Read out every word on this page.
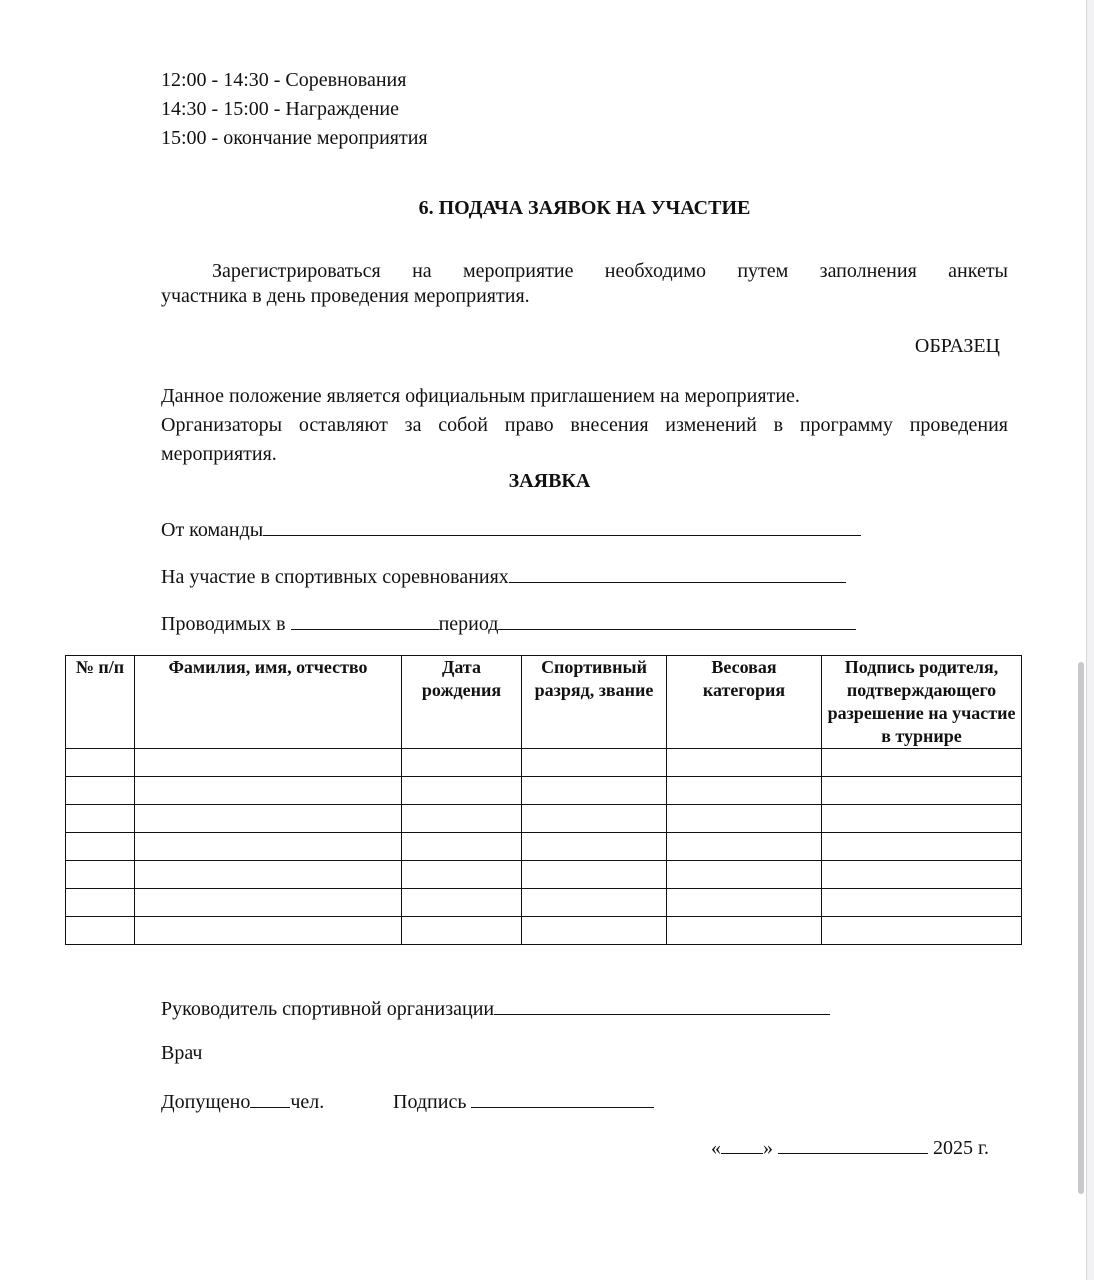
12:00 - 14:30 - Соревнования
14:30 - 15:00 - Награждение
15:00 - окончание мероприятия
6. ПОДАЧА ЗАЯВОК НА УЧАСТИЕ
Зарегистрироваться на мероприятие необходимо путем заполнения анкеты
участника в день проведения мероприятия.
ОБРАЗЕЦ
Данное положение является официальным приглашением на мероприятие.
Организаторы оставляют за собой право внесения изменений в программу проведения
мероприятия.
ЗАЯВКА
От команды
На участие в спортивных соревнованиях
Проводимых в	период
№ п/п	Фамилия, имя, отчество	Дата рождения	Спортивный разряд, звание	Весовая категория	Подпись родителя, подтверждающего разрешение на участие в турнире

Руководитель спортивной организации
Врач
Допущено чел.	Подпись
« »	2025 г.
